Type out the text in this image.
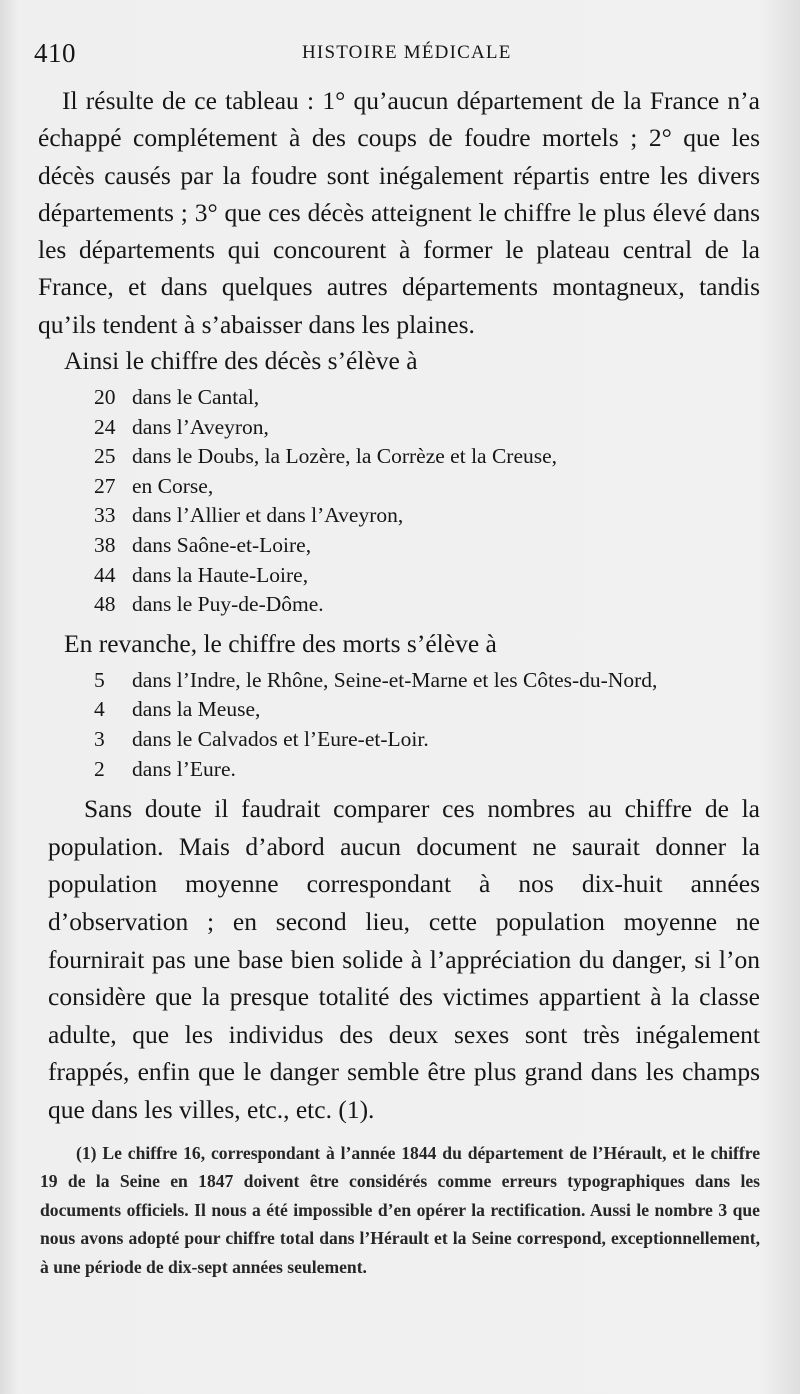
410	HISTOIRE MÉDICALE

Il résulte de ce tableau : 1° qu’aucun département de la France n’a échappé complétement à des coups de foudre mortels ; 2° que les décès causés par la foudre sont inégalement répartis entre les divers départements ; 3° que ces décès atteignent le chiffre le plus élevé dans les départements qui concourent à former le plateau central de la France, et dans quelques autres départements montagneux, tandis qu’ils tendent à s’abaisser dans les plaines.

Ainsi le chiffre des décès s’élève à

20 dans le Cantal,
24 dans l’Aveyron,
25 dans le Doubs, la Lozère, la Corrèze et la Creuse,
27 en Corse,
33 dans l’Allier et dans l’Aveyron,
38 dans Saône-et-Loire,
44 dans la Haute-Loire,
48 dans le Puy-de-Dôme.

En revanche, le chiffre des morts s’élève à

5 dans l’Indre, le Rhône, Seine-et-Marne et les Côtes-du-Nord,
4 dans la Meuse,
3 dans le Calvados et l’Eure-et-Loir.
2 dans l’Eure.

Sans doute il faudrait comparer ces nombres au chiffre de la population. Mais d’abord aucun document ne saurait donner la population moyenne correspondant à nos dix-huit années d’observation ; en second lieu, cette population moyenne ne fournirait pas une base bien solide à l’appréciation du danger, si l’on considère que la presque totalité des victimes appartient à la classe adulte, que les individus des deux sexes sont très inégalement frappés, enfin que le danger semble être plus grand dans les champs que dans les villes, etc., etc. (1).

(1) Le chiffre 16, correspondant à l’année 1844 du département de l’Hérault, et le chiffre 19 de la Seine en 1847 doivent être considérés comme erreurs typographiques dans les documents officiels. Il nous a été impossible d’en opérer la rectification. Aussi le nombre 3 que nous avons adopté pour chiffre total dans l’Hérault et la Seine correspond, exceptionnellement, à une période de dix-sept années seulement.
